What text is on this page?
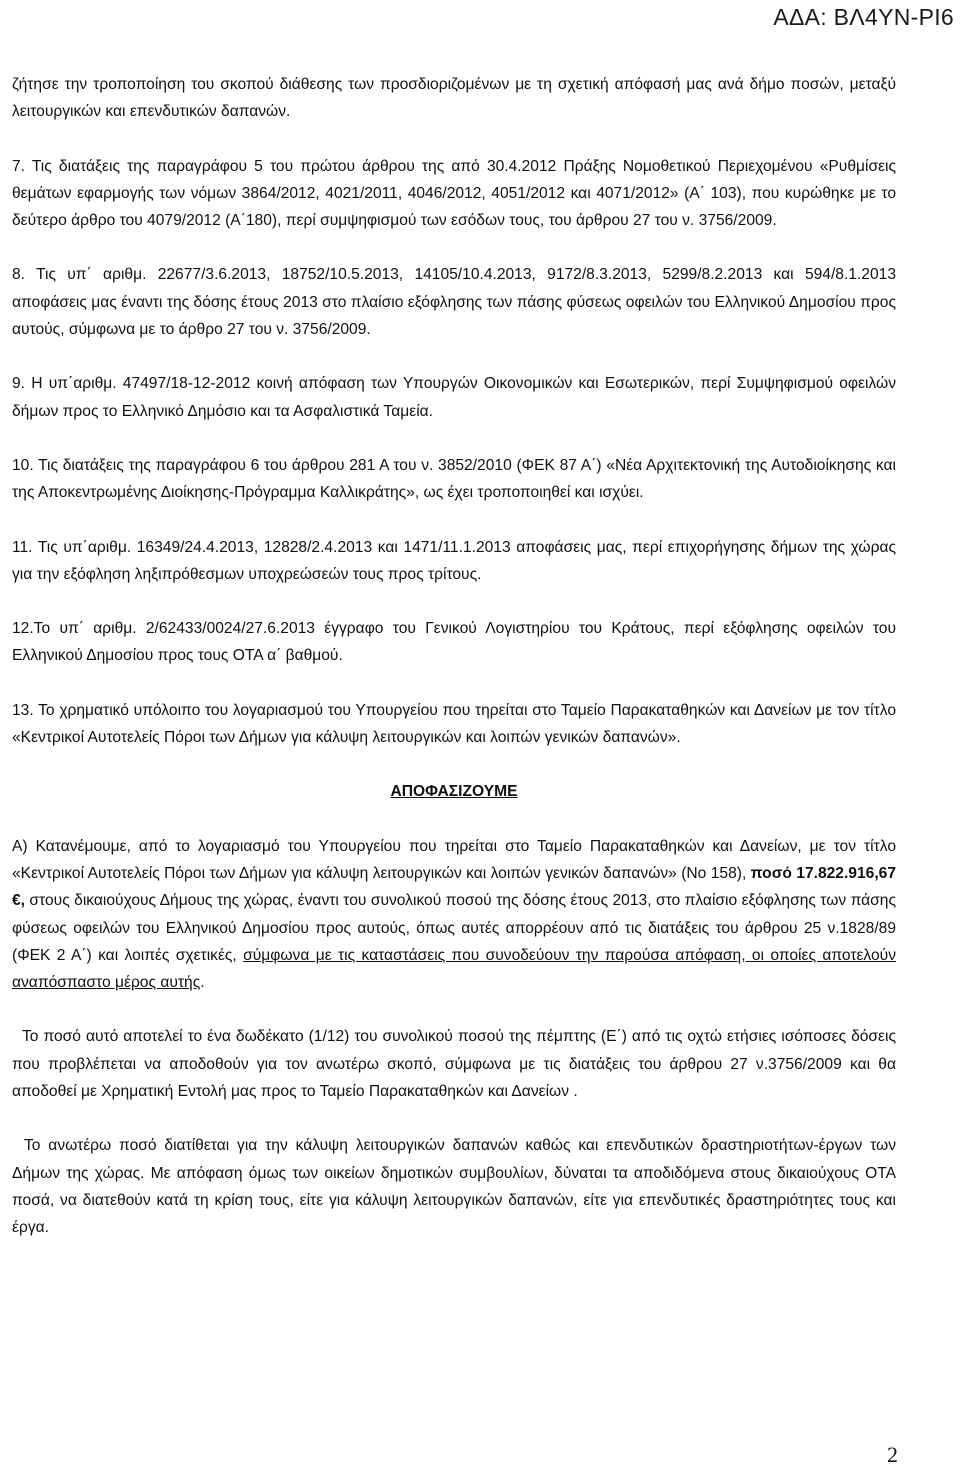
ΑΔΑ: ΒΛ4ΥΝ-ΡΙ6

ζήτησε την τροποποίηση του σκοπού διάθεσης των προσδιοριζομένων με τη σχετική απόφασή μας ανά δήμο ποσών, μεταξύ λειτουργικών και επενδυτικών δαπανών.

7. Τις διατάξεις της παραγράφου 5 του πρώτου άρθρου της από 30.4.2012 Πράξης Νομοθετικού Περιεχομένου «Ρυθμίσεις θεμάτων εφαρμογής των νόμων 3864/2012, 4021/2011, 4046/2012, 4051/2012 και 4071/2012» (Α΄ 103), που κυρώθηκε με το δεύτερο άρθρο του 4079/2012 (Α΄180), περί συμψηφισμού των εσόδων τους, του άρθρου 27 του ν. 3756/2009.

8. Τις υπ΄ αριθμ. 22677/3.6.2013, 18752/10.5.2013, 14105/10.4.2013, 9172/8.3.2013, 5299/8.2.2013 και 594/8.1.2013 αποφάσεις μας έναντι της δόσης έτους 2013 στο πλαίσιο εξόφλησης των πάσης φύσεως οφειλών του Ελληνικού Δημοσίου προς αυτούς, σύμφωνα με το άρθρο 27 του ν. 3756/2009.

9. Η υπ΄αριθμ. 47497/18-12-2012 κοινή απόφαση των Υπουργών Οικονομικών και Εσωτερικών, περί Συμψηφισμού οφειλών δήμων προς το Ελληνικό Δημόσιο και τα Ασφαλιστικά Ταμεία.

10. Τις διατάξεις της παραγράφου 6 του άρθρου 281 Α του ν. 3852/2010 (ΦΕΚ 87 Α΄) «Νέα Αρχιτεκτονική της Αυτοδιοίκησης και της Αποκεντρωμένης Διοίκησης-Πρόγραμμα Καλλικράτης», ως έχει τροποποιηθεί και ισχύει.

11. Τις υπ΄αριθμ. 16349/24.4.2013, 12828/2.4.2013 και 1471/11.1.2013 αποφάσεις μας, περί επιχορήγησης δήμων της χώρας για την εξόφληση ληξιπρόθεσμων υποχρεώσεών τους προς τρίτους.

12.Το υπ΄ αριθμ. 2/62433/0024/27.6.2013 έγγραφο του Γενικού Λογιστηρίου του Κράτους, περί εξόφλησης οφειλών του Ελληνικού Δημοσίου προς τους ΟΤΑ α΄ βαθμού.

13. Το χρηματικό υπόλοιπο του λογαριασμού του Υπουργείου που τηρείται στο Ταμείο Παρακαταθηκών και Δανείων με τον τίτλο «Κεντρικοί Αυτοτελείς Πόροι των Δήμων για κάλυψη λειτουργικών και λοιπών γενικών δαπανών».

ΑΠΟΦΑΣΙΖΟΥΜΕ

Α) Κατανέμουμε, από το λογαριασμό του Υπουργείου που τηρείται στο Ταμείο Παρακαταθηκών και Δανείων, με τον τίτλο «Κεντρικοί Αυτοτελείς Πόροι των Δήμων για κάλυψη λειτουργικών και λοιπών γενικών δαπανών» (Νο 158), ποσό 17.822.916,67 €, στους δικαιούχους Δήμους της χώρας, έναντι του συνολικού ποσού της δόσης έτους 2013, στο πλαίσιο εξόφλησης των πάσης φύσεως οφειλών του Ελληνικού Δημοσίου προς αυτούς, όπως αυτές απορρέουν από τις διατάξεις του άρθρου 25 ν.1828/89 (ΦΕΚ 2 Α΄) και λοιπές σχετικές, σύμφωνα με τις καταστάσεις που συνοδεύουν την παρούσα απόφαση, οι οποίες αποτελούν αναπόσπαστο μέρος αυτής.

Το ποσό αυτό αποτελεί το ένα δωδέκατο (1/12) του συνολικού ποσού της πέμπτης (Ε΄) από τις οχτώ ετήσιες ισόποσες δόσεις που προβλέπεται να αποδοθούν για τον ανωτέρω σκοπό, σύμφωνα με τις διατάξεις του άρθρου 27 ν.3756/2009 και θα αποδοθεί με Χρηματική Εντολή μας προς το Ταμείο Παρακαταθηκών και Δανείων .

Το ανωτέρω ποσό διατίθεται για την κάλυψη λειτουργικών δαπανών καθώς και επενδυτικών δραστηριοτήτων-έργων των Δήμων της χώρας. Με απόφαση όμως των οικείων δημοτικών συμβουλίων, δύναται τα αποδιδόμενα στους δικαιούχους ΟΤΑ ποσά, να διατεθούν κατά τη κρίση τους, είτε για κάλυψη λειτουργικών δαπανών, είτε για επενδυτικές δραστηριότητες τους και έργα.

2
